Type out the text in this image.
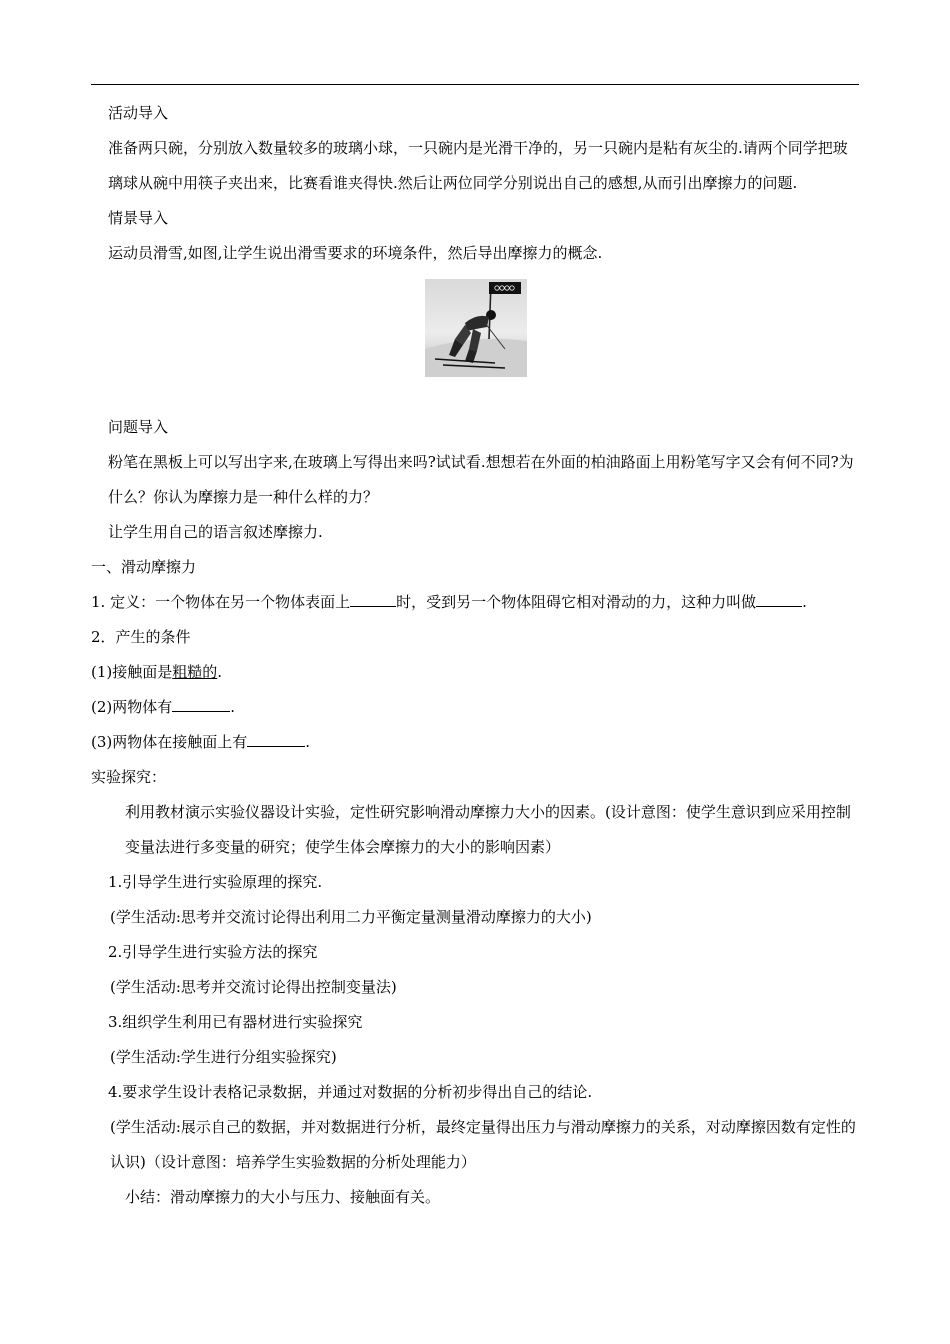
活动导入

准备两只碗，分别放入数量较多的玻璃小球，一只碗内是光滑干净的，另一只碗内是粘有灰尘的.请两个同学把玻璃球从碗中用筷子夹出来，比赛看谁夹得快.然后让两位同学分别说出自己的感想,从而引出摩擦力的问题.

情景导入

运动员滑雪,如图,让学生说出滑雪要求的环境条件，然后导出摩擦力的概念.

问题导入

粉笔在黑板上可以写出字来,在玻璃上写得出来吗?试试看.想想若在外面的柏油路面上用粉笔写字又会有何不同?为什么？你认为摩擦力是一种什么样的力？

让学生用自己的语言叙述摩擦力.

一、滑动摩擦力

1. 定义：一个物体在另一个物体表面上	时，受到另一个物体阻碍它相对滑动的力，这种力叫做	.

2．产生的条件

(1)接触面是粗糙的.

(2)两物体有	.

(3)两物体在接触面上有	.

实验探究：

利用教材演示实验仪器设计实验，定性研究影响滑动摩擦力大小的因素。(设计意图：使学生意识到应采用控制变量法进行多变量的研究；使学生体会摩擦力的大小的影响因素）

1.引导学生进行实验原理的探究.

(学生活动:思考并交流讨论得出利用二力平衡定量测量滑动摩擦力的大小)

2.引导学生进行实验方法的探究

(学生活动:思考并交流讨论得出控制变量法)

3.组织学生利用已有器材进行实验探究

(学生活动:学生进行分组实验探究)

4.要求学生设计表格记录数据，并通过对数据的分析初步得出自己的结论.

(学生活动:展示自己的数据，并对数据进行分析，最终定量得出压力与滑动摩擦力的关系，对动摩擦因数有定性的认识)（设计意图：培养学生实验数据的分析处理能力）

小结：滑动摩擦力的大小与压力、接触面有关。
